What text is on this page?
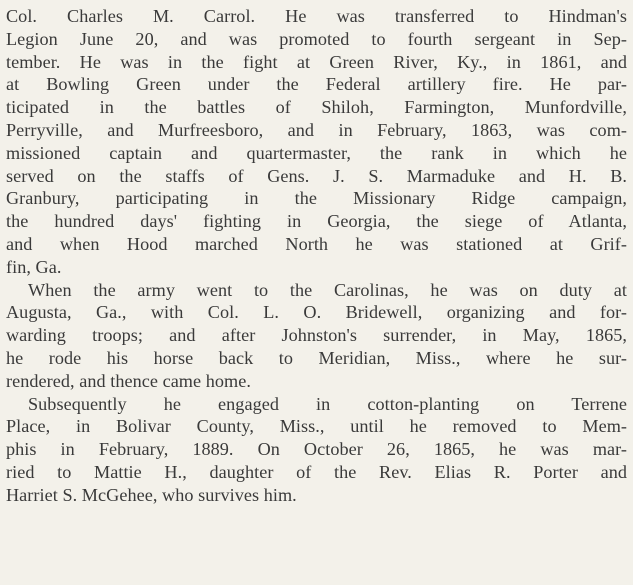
Col. Charles M. Carrol. He was transferred to Hindman's
Legion June 20, and was promoted to fourth sergeant in Sep-
tember. He was in the fight at Green River, Ky., in 1861, and
at Bowling Green under the Federal artillery fire. He par-
ticipated in the battles of Shiloh, Farmington, Munfordville,
Perryville, and Murfreesboro, and in February, 1863, was com-
missioned captain and quartermaster, the rank in which he
served on the staffs of Gens. J. S. Marmaduke and H. B.
Granbury, participating in the Missionary Ridge campaign,
the hundred days' fighting in Georgia, the siege of Atlanta,
and when Hood marched North he was stationed at Grif-
fin, Ga.

When the army went to the Carolinas, he was on duty at
Augusta, Ga., with Col. L. O. Bridewell, organizing and for-
warding troops; and after Johnston's surrender, in May, 1865,
he rode his horse back to Meridian, Miss., where he sur-
rendered, and thence came home.

Subsequently he engaged in cotton-planting on Terrene
Place, in Bolivar County, Miss., until he removed to Mem-
phis in February, 1889. On October 26, 1865, he was mar-
ried to Mattie H., daughter of the Rev. Elias R. Porter and
Harriet S. McGehee, who survives him.
